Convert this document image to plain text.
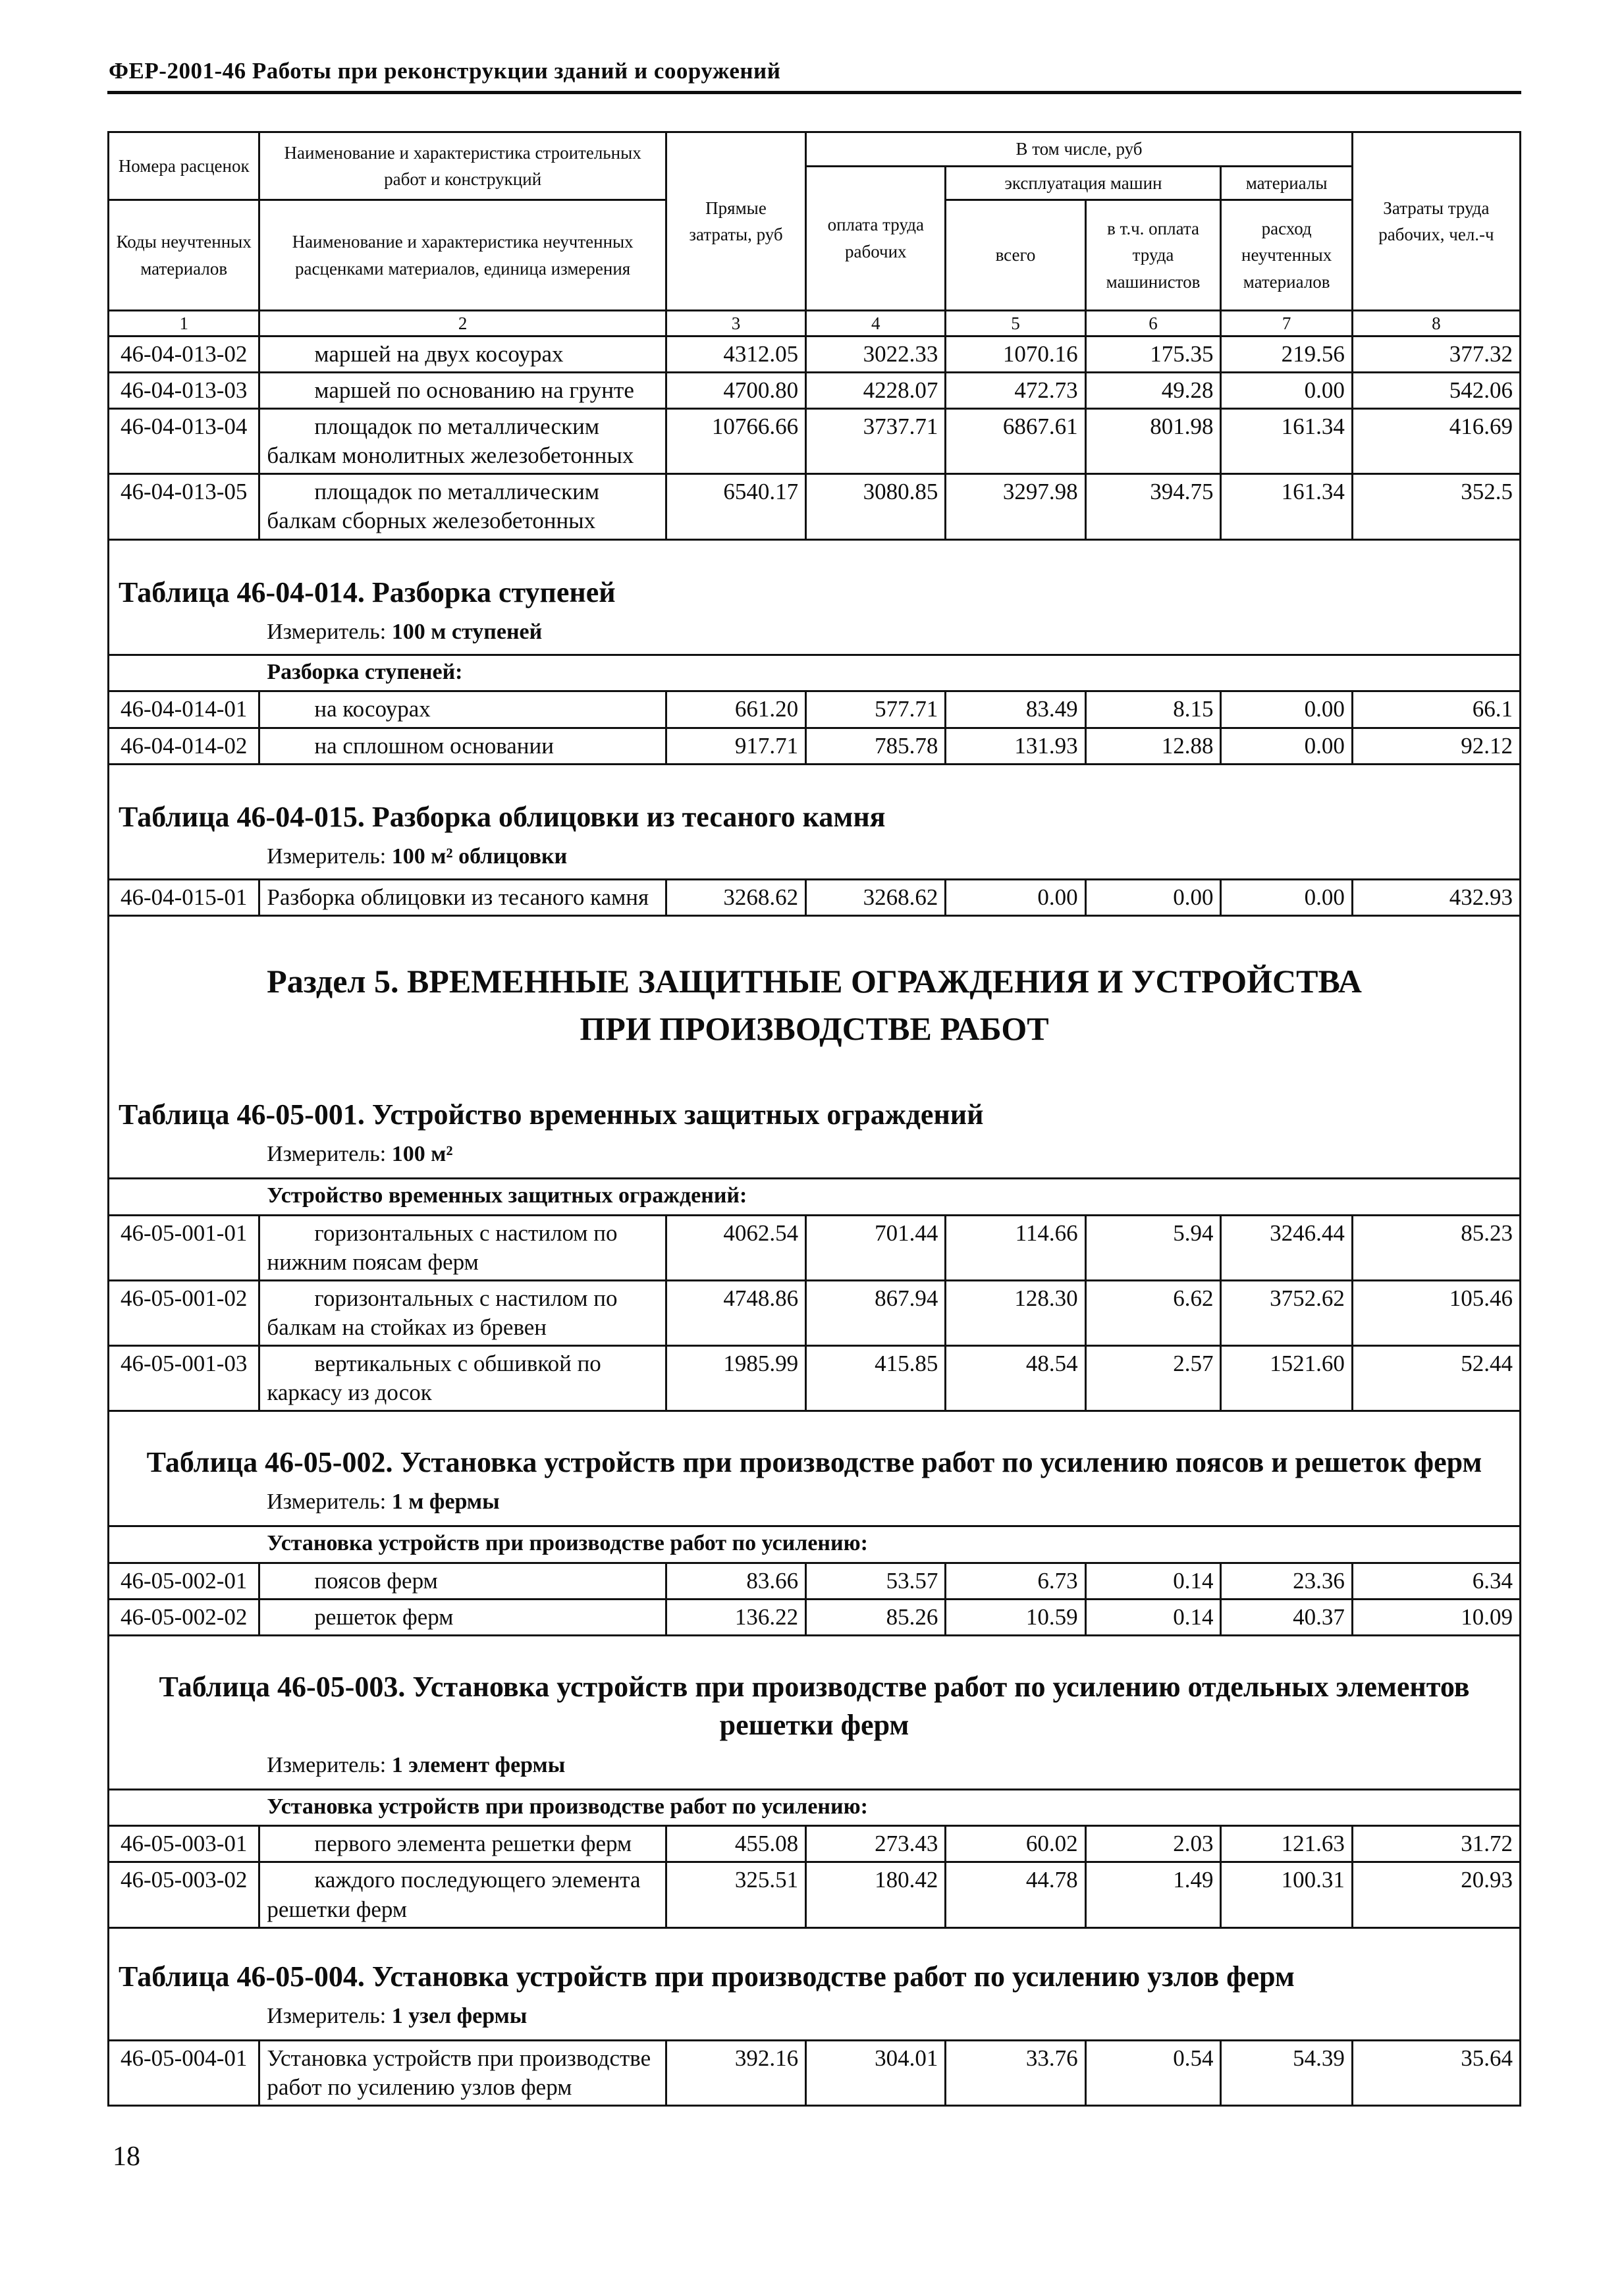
ФЕР-2001-46 Работы при реконструкции зданий и сооружений
Номера расценок	Наименование и характеристика строительных работ и конструкций	Прямые затраты, руб	В том числе, руб				Затраты труда рабочих, чел.-ч
			оплата труда рабочих	эксплуатация машин		материалы	
Коды неучтенных материалов	Наименование и характеристика неучтенных расценками материалов, единица измерения			всего	в т.ч. оплата труда машинистов	расход неучтенных материалов	
1	2	3	4	5	6	7	8
46-04-013-02	маршей на двух косоурах	4312.05	3022.33	1070.16	175.35	219.56	377.32
46-04-013-03	маршей по основанию на грунте	4700.80	4228.07	472.73	49.28	0.00	542.06
46-04-013-04	площадок по металлическим балкам монолитных железобетонных	10766.66	3737.71	6867.61	801.98	161.34	416.69
46-04-013-05	площадок по металлическим балкам сборных железобетонных	6540.17	3080.85	3297.98	394.75	161.34	352.5
Таблица 46-04-014. Разборка ступеней
Измеритель: 100 м ступеней
Разборка ступеней:							
46-04-014-01	на косоурах	661.20	577.71	83.49	8.15	0.00	66.1
46-04-014-02	на сплошном основании	917.71	785.78	131.93	12.88	0.00	92.12
Таблица 46-04-015. Разборка облицовки из тесаного камня
Измеритель: 100 м² облицовки
46-04-015-01	Разборка облицовки из тесаного камня	3268.62	3268.62	0.00	0.00	0.00	432.93
Раздел 5. ВРЕМЕННЫЕ ЗАЩИТНЫЕ ОГРАЖДЕНИЯ И УСТРОЙСТВА
ПРИ ПРОИЗВОДСТВЕ РАБОТ
Таблица 46-05-001. Устройство временных защитных ограждений
Измеритель: 100 м²
Устройство временных защитных ограждений:							
46-05-001-01	горизонтальных с настилом по нижним поясам ферм	4062.54	701.44	114.66	5.94	3246.44	85.23
46-05-001-02	горизонтальных с настилом по балкам на стойках из бревен	4748.86	867.94	128.30	6.62	3752.62	105.46
46-05-001-03	вертикальных с обшивкой по каркасу из досок	1985.99	415.85	48.54	2.57	1521.60	52.44
Таблица 46-05-002. Установка устройств при производстве работ по усилению поясов и решеток ферм
Измеритель: 1 м фермы
Установка устройств при производстве работ по усилению:							
46-05-002-01	поясов ферм	83.66	53.57	6.73	0.14	23.36	6.34
46-05-002-02	решеток ферм	136.22	85.26	10.59	0.14	40.37	10.09
Таблица 46-05-003. Установка устройств при производстве работ по усилению отдельных элементов решетки ферм
Измеритель: 1 элемент фермы
Установка устройств при производстве работ по усилению:							
46-05-003-01	первого элемента решетки ферм	455.08	273.43	60.02	2.03	121.63	31.72
46-05-003-02	каждого последующего элемента решетки ферм	325.51	180.42	44.78	1.49	100.31	20.93
Таблица 46-05-004. Установка устройств при производстве работ по усилению узлов ферм
Измеритель: 1 узел фермы
46-05-004-01	Установка устройств при производстве работ по усилению узлов ферм	392.16	304.01	33.76	0.54	54.39	35.64
18
